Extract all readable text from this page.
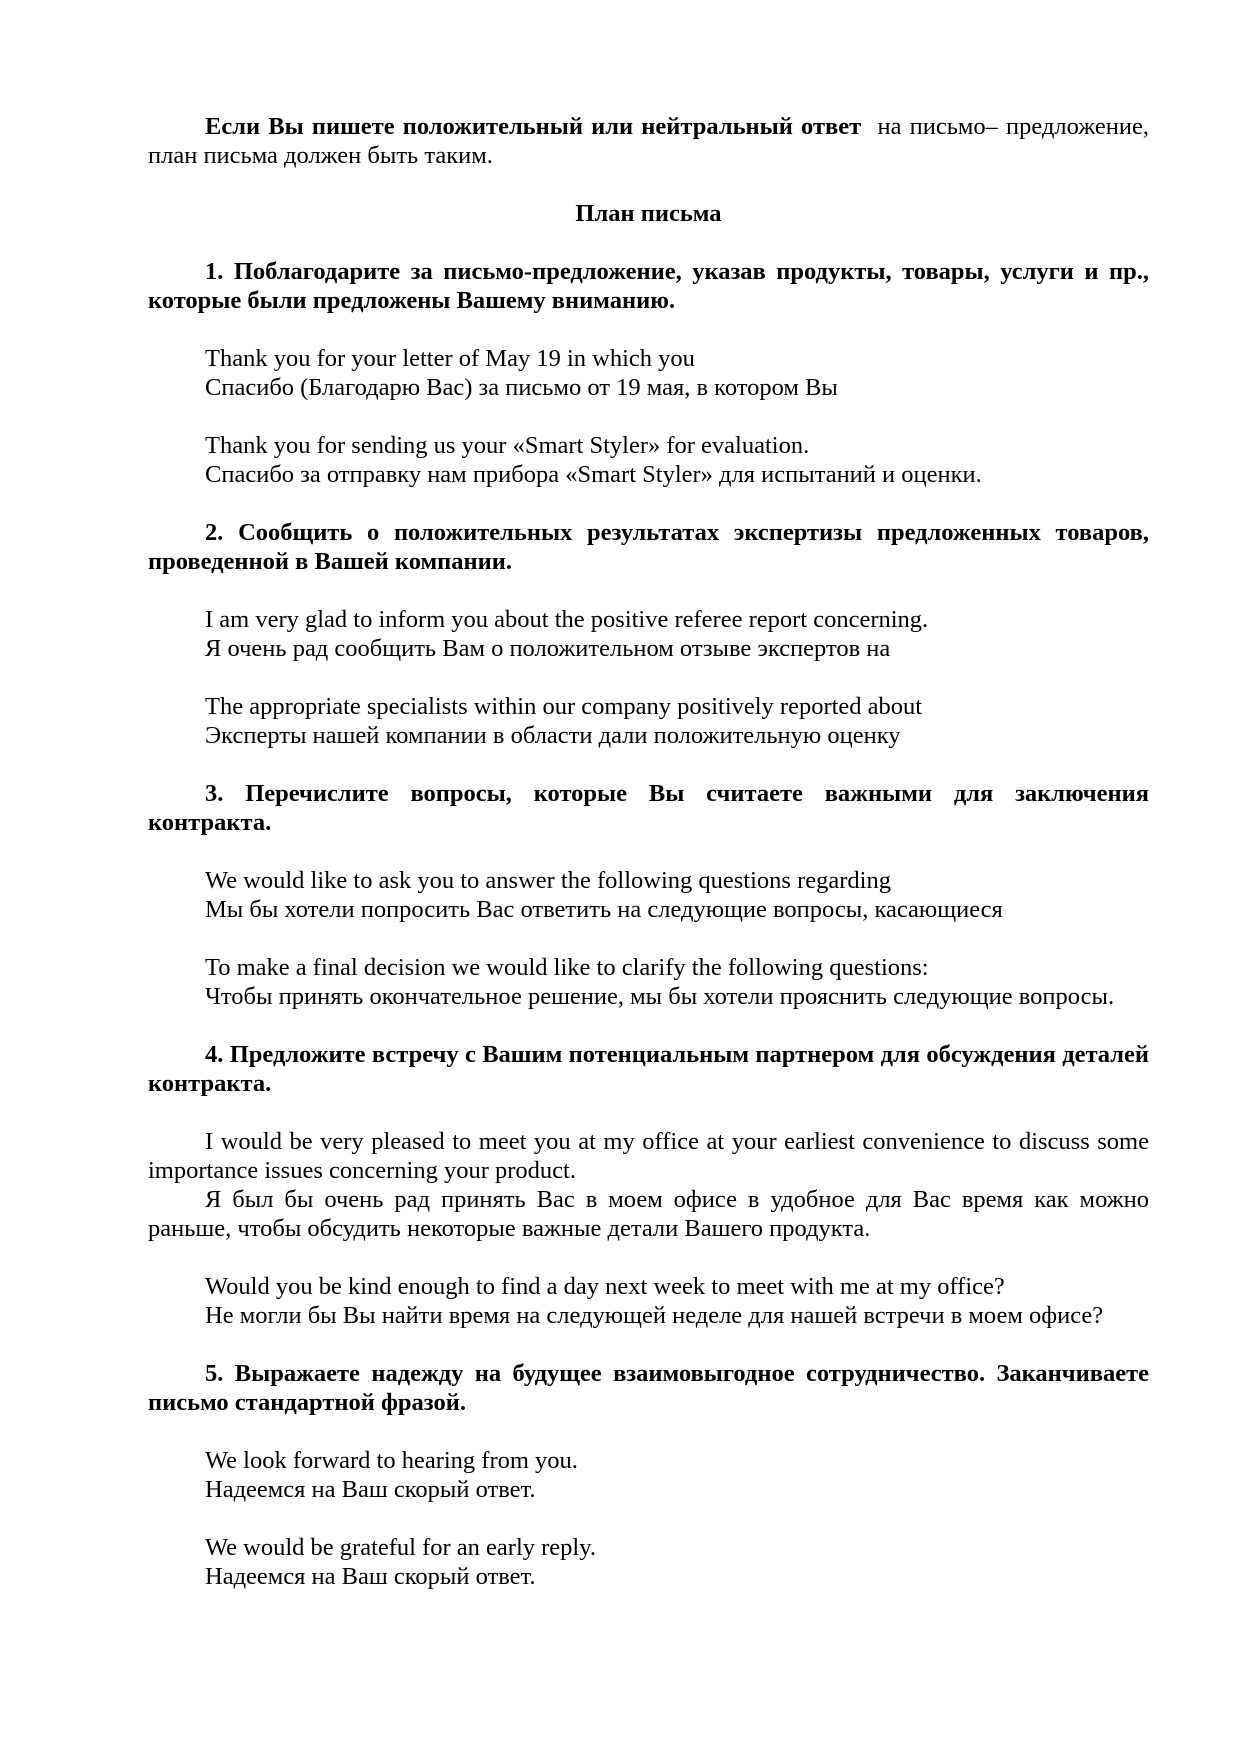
Если Вы пишете положительный или нейтральный ответ  на письмо– предложение, план письма должен быть таким.

План письма

1. Поблагодарите за письмо-предложение, указав продукты, товары, услуги и пр., которые были предложены Вашему вниманию.

Thank you for your letter of May 19 in which you

Спасибо (Благодарю Вас) за письмо от 19 мая, в котором Вы

Thank you for sending us your «Smart Styler» for evaluation.

Спасибо за отправку нам прибора «Smart Styler» для испытаний и оценки.

2. Сообщить о положительных результатах экспертизы предложенных товаров, проведенной в Вашей компании.

I am very glad to inform you about the positive referee report concerning.

Я очень рад сообщить Вам о положительном отзыве экспертов на

The appropriate specialists within our company positively reported about

Эксперты нашей компании в области дали положительную оценку

3. Перечислите вопросы, которые Вы считаете важными для заключения контракта.

We would like to ask you to answer the following questions regarding

Мы бы хотели попросить Вас ответить на следующие вопросы, касающиеся

To make a final decision we would like to clarify the following questions:

Чтобы принять окончательное решение, мы бы хотели прояснить следующие вопросы.

4. Предложите встречу с Вашим потенциальным партнером для обсуждения деталей контракта.

I would be very pleased to meet you at my office at your earliest convenience to discuss some importance issues concerning your product.

Я был бы очень рад принять Вас в моем офисе в удобное для Вас время как можно раньше, чтобы обсудить некоторые важные детали Вашего продукта.

Would you be kind enough to find a day next week to meet with me at my office?

Не могли бы Вы найти время на следующей неделе для нашей встречи в моем офисе?

5. Выражаете надежду на будущее взаимовыгодное сотрудничество. Заканчиваете письмо стандартной фразой.

We look forward to hearing from you.

Надеемся на Ваш скорый ответ.

We would be grateful for an early reply.

Надеемся на Ваш скорый ответ.
